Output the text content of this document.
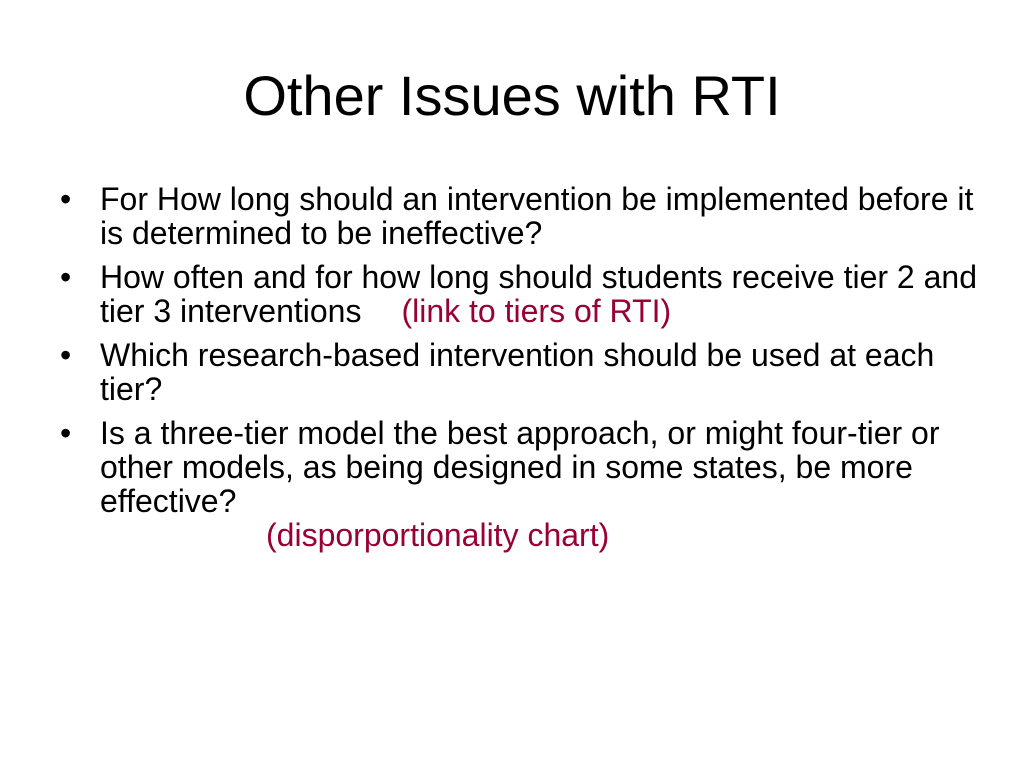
Other Issues with RTI
• For How long should an intervention be implemented before it is determined to be ineffective?
• How often and for how long should students receive tier 2 and tier 3 interventions (link to tiers of RTI)
• Which research-based intervention should be used at each tier?
• Is a three-tier model the best approach, or might four-tier or other models, as being designed in some states, be more effective?
(disporportionality chart)
